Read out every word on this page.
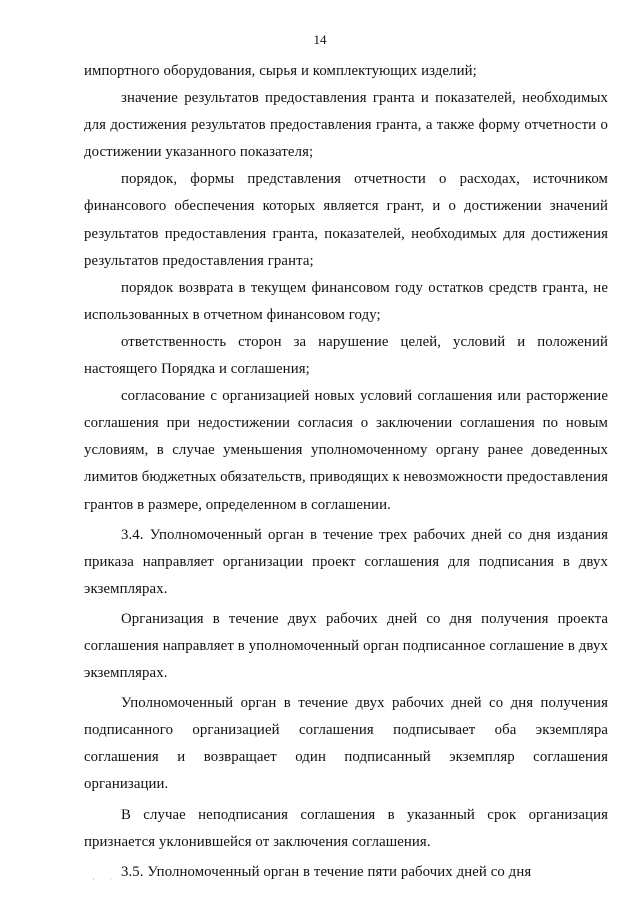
14

импортного оборудования, сырья и комплектующих изделий;

значение результатов предоставления гранта и показателей, необходимых для достижения результатов предоставления гранта, а также форму отчетности о достижении указанного показателя;

порядок, формы представления отчетности о расходах, источником финансового обеспечения которых является грант, и о достижении значений результатов предоставления гранта, показателей, необходимых для достижения результатов предоставления гранта;

порядок возврата в текущем финансовом году остатков средств гранта, не использованных в отчетном финансовом году;

ответственность сторон за нарушение целей, условий и положений настоящего Порядка и соглашения;

согласование с организацией новых условий соглашения или расторжение соглашения при недостижении согласия о заключении соглашения по новым условиям, в случае уменьшения уполномоченному органу ранее доведенных лимитов бюджетных обязательств, приводящих к невозможности предоставления грантов в размере, определенном в соглашении.

3.4. Уполномоченный орган в течение трех рабочих дней со дня издания приказа направляет организации проект соглашения для подписания в двух экземплярах.

Организация в течение двух рабочих дней со дня получения проекта соглашения направляет в уполномоченный орган подписанное соглашение в двух экземплярах.

Уполномоченный орган в течение двух рабочих дней со дня получения подписанного организацией соглашения подписывает оба экземпляра соглашения и возвращает один подписанный экземпляр соглашения организации.

В случае неподписания соглашения в указанный срок организация признается уклонившейся от заключения соглашения.

3.5. Уполномоченный орган в течение пяти рабочих дней со дня

· ·
